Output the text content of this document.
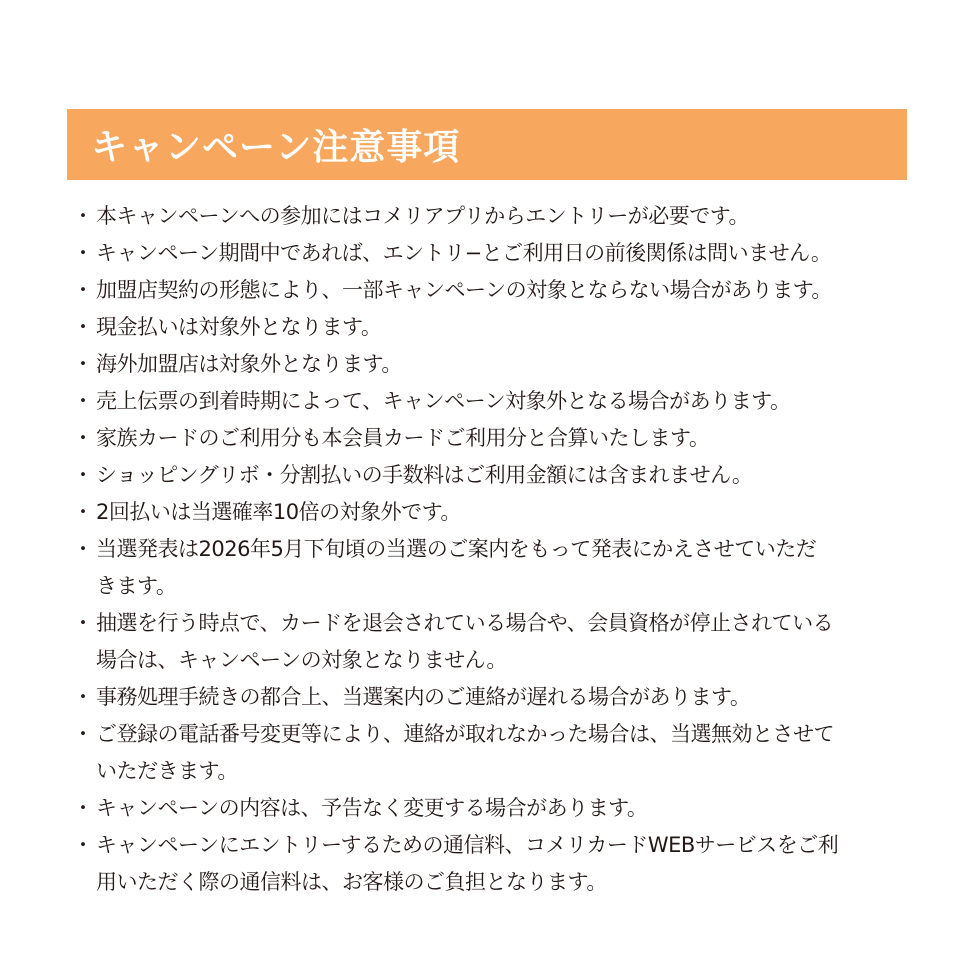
キャンペーン注意事項
・ 本キャンペーンへの参加にはコメリアプリからエントリーが必要です。
・ キャンペーン期間中であれば、エントリ−とご利用日の前後関係は問いません。
・ 加盟店契約の形態により、一部キャンペーンの対象とならない場合があります。
・ 現金払いは対象外となります。
・ 海外加盟店は対象外となります。
・ 売上伝票の到着時期によって、キャンペーン対象外となる場合があります。
・ 家族カードのご利用分も本会員カードご利用分と合算いたします。
・ ショッピングリボ・分割払いの手数料はご利用金額には含まれません。
・ 2回払いは当選確率10倍の対象外です。
・ 当選発表は2026年5月下旬頃の当選のご案内をもって発表にかえさせていただ
きます。
・ 抽選を行う時点で、カードを退会されている場合や、会員資格が停止されている
場合は、キャンペーンの対象となりません。
・ 事務処理手続きの都合上、当選案内のご連絡が遅れる場合があります。
・ ご登録の電話番号変更等により、連絡が取れなかった場合は、当選無効とさせて
いただきます。
・ キャンペーンの内容は、予告なく変更する場合があります。
・ キャンペーンにエントリーするための通信料、コメリカードWEBサービスをご利
用いただく際の通信料は、お客様のご負担となります。
